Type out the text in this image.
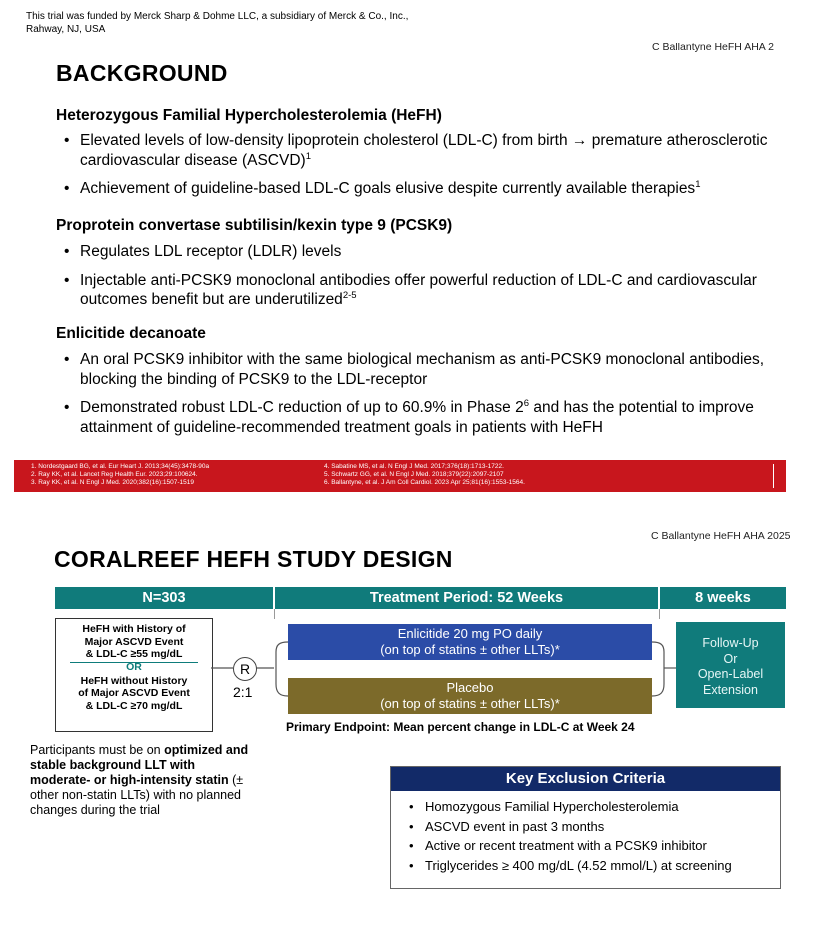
This trial was funded by Merck Sharp & Dohme LLC, a subsidiary of Merck & Co., Inc., Rahway, NJ, USA
C Ballantyne HeFH AHA 2
BACKGROUND
Heterozygous Familial Hypercholesterolemia (HeFH)
• Elevated levels of low-density lipoprotein cholesterol (LDL-C) from birth → premature atherosclerotic cardiovascular disease (ASCVD)$^1$
• Achievement of guideline-based LDL-C goals elusive despite currently available therapies$^1$
Proprotein convertase subtilisin/kexin type 9 (PCSK9)
• Regulates LDL receptor (LDLR) levels
• Injectable anti-PCSK9 monoclonal antibodies offer powerful reduction of LDL-C and cardiovascular outcomes benefit but are underutilized$^{2-5}$
Enlicitide decanoate
• An oral PCSK9 inhibitor with the same biological mechanism as anti-PCSK9 monoclonal antibodies, blocking the binding of PCSK9 to the LDL-receptor
• Demonstrated robust LDL-C reduction of up to 60.9% in Phase $2^6$ and has the potential to improve attainment of guideline-recommended treatment goals in patients with HeFH
1. Nordestgaard BG, et al. Eur Heart J. 2013;34(45):3478-90a
2. Ray KK, et al. Lancet Reg Health Eur. 2023;29:100624.
3. Ray KK, et al. N Engl J Med. 2020;382(16):1507-1519
4. Sabatine MS, et al. N Engl J Med. 2017;376(18):1713-1722.
5. Schwartz GG, et al. N Engl J Med. 2018;379(22):2097-2107
6. Ballantyne, et al. J Am Coll Cardiol. 2023 Apr 25;81(16):1553-1564.
C Ballantyne HeFH AHA 2025
CORALREEF HEFH STUDY DESIGN
N=303	Treatment Period: 52 Weeks	8 weeks
HeFH with History of
Major ASCVD Event
& LDL-C ≥55 mg/dL
OR
HeFH without History
of Major ASCVD Event
& LDL-C ≥70 mg/dL
R
2:1
Enlicitide 20 mg PO daily
(on top of statins ± other LLTs)*
Placebo
(on top of statins ± other LLTs)*
Follow-Up
Or
Open-Label
Extension
Primary Endpoint: Mean percent change in LDL-C at Week 24
Participants must be on optimized and stable background LLT with moderate- or high-intensity statin (± other non-statin LLTs) with no planned changes during the trial
Key Exclusion Criteria
• Homozygous Familial Hypercholesterolemia
• ASCVD event in past 3 months
• Active or recent treatment with a PCSK9 inhibitor
• Triglycerides ≥ 400 mg/dL (4.52 mmol/L) at screening
